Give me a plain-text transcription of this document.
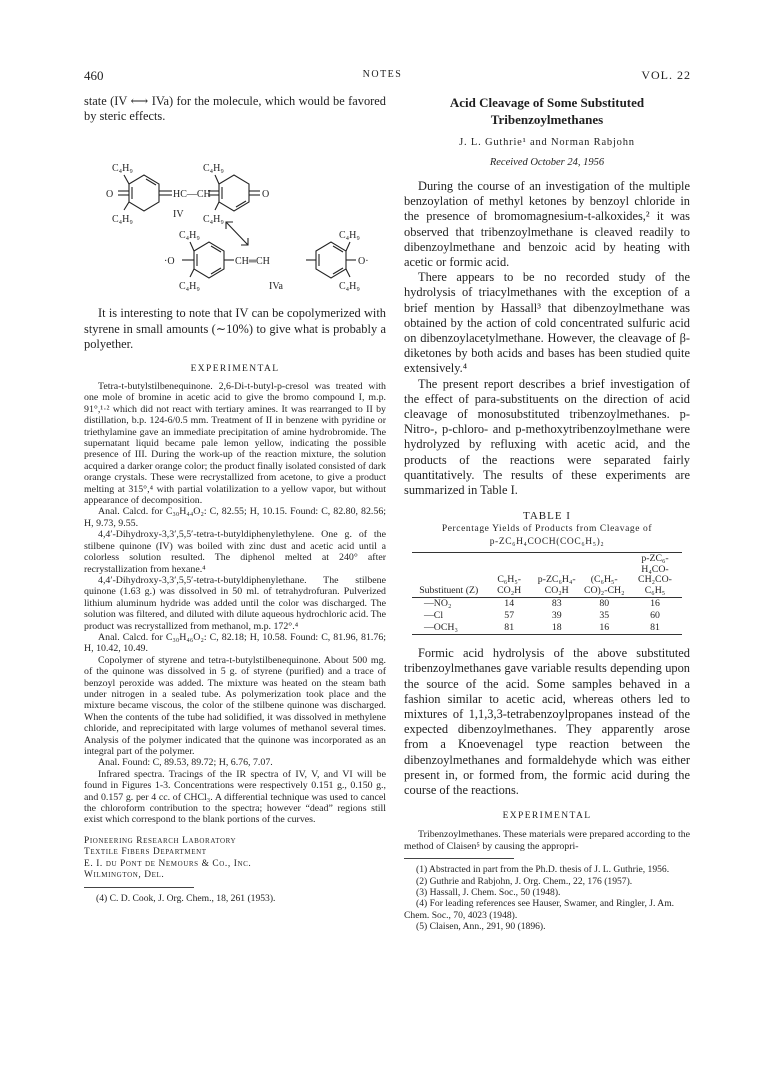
460	NOTES	VOL. 22

state (IV ⟷ IVa) for the molecule, which would be favored by steric effects.

C₄H₉
C₄H₉
O	HC—CH
IV
C₄H₉
C₄H₉
O
C₄H₉
C₄H₉
·O	CH═CH
IVa
C₄H₉
C₄H₉
O·

It is interesting to note that IV can be copolymerized with styrene in small amounts (∼10%) to give what is probably a polyether.

EXPERIMENTAL

Tetra-t-butylstilbenequinone. 2,6-Di-t-butyl-p-cresol was treated with one mole of bromine in acetic acid to give the bromo compound I, m.p. 91°,¹·² which did not react with tertiary amines. It was rearranged to II by distillation, b.p. 124-6/0.5 mm. Treatment of II in benzene with pyridine or triethylamine gave an immediate precipitation of amine hydrobromide. The supernatant liquid became pale lemon yellow, indicating the possible presence of III. During the work-up of the reaction mixture, the solution acquired a darker orange color; the product finally isolated consisted of dark orange crystals. These were recrystallized from acetone, to give a product melting at 315°,⁴ with partial volatilization to a yellow vapor, but without appearance of decomposition.

Anal. Calcd. for C₃₀H₄₄O₂: C, 82.55; H, 10.15. Found: C, 82.80, 82.56; H, 9.73, 9.55.

4,4′-Dihydroxy-3,3′,5,5′-tetra-t-butyldiphenylethylene. One g. of the stilbene quinone (IV) was boiled with zinc dust and acetic acid until a colorless solution resulted. The diphenol melted at 240° after recrystallization from hexane.⁴

4,4′-Dihydroxy-3,3′,5,5′-tetra-t-butyldiphenylethane. The stilbene quinone (1.63 g.) was dissolved in 50 ml. of tetrahydrofuran. Pulverized lithium aluminum hydride was added until the color was discharged. The solution was filtered, and diluted with dilute aqueous hydrochloric acid. The product was recrystallized from methanol, m.p. 172°.⁴

Anal. Calcd. for C₃₀H₄₆O₂: C, 82.18; H, 10.58. Found: C, 81.96, 81.76; H, 10.42, 10.49.

Copolymer of styrene and tetra-t-butylstilbenequinone. About 500 mg. of the quinone was dissolved in 5 g. of styrene (purified) and a trace of benzoyl peroxide was added. The mixture was heated on the steam bath under nitrogen in a sealed tube. As polymerization took place and the mixture became viscous, the color of the stilbene quinone was discharged. When the contents of the tube had solidified, it was dissolved in methylene chloride, and reprecipitated with large volumes of methanol several times. Analysis of the polymer indicated that the quinone was incorporated as an integral part of the polymer.

Anal. Found: C, 89.53, 89.72; H, 6.76, 7.07.

Infrared spectra. Tracings of the IR spectra of IV, V, and VI will be found in Figures 1-3. Concentrations were respectively 0.151 g., 0.150 g., and 0.157 g. per 4 cc. of CHCl₃. A differential technique was used to cancel the chloroform contribution to the spectra; however “dead” regions still exist which correspond to the blank portions of the curves.

Pioneering Research Laboratory
Textile Fibers Department
E. I. du Pont de Nemours & Co., Inc.
Wilmington, Del.

(4) C. D. Cook, J. Org. Chem., 18, 261 (1953).

Acid Cleavage of Some Substituted Tribenzoylmethanes

J. L. Guthrie¹ and Norman Rabjohn

Received October 24, 1956

During the course of an investigation of the multiple benzoylation of methyl ketones by benzoyl chloride in the presence of bromomagnesium-t-alkoxides,² it was observed that tribenzoylmethane is cleaved readily to dibenzoylmethane and benzoic acid by heating with acetic or formic acid.

There appears to be no recorded study of the hydrolysis of triacylmethanes with the exception of a brief mention by Hassall³ that dibenzoylmethane was obtained by the action of cold concentrated sulfuric acid on dibenzoylacetylmethane. However, the cleavage of β-diketones by both acids and bases has been studied quite extensively.⁴

The present report describes a brief investigation of the effect of para-substituents on the direction of acid cleavage of monosubstituted tribenzoylmethanes. p-Nitro-, p-chloro- and p-methoxytribenzoylmethane were hydrolyzed by refluxing with acetic acid, and the products of the reactions were separated fairly quantitatively. The results of these experiments are summarized in Table I.

TABLE I
Percentage Yields of Products from Cleavage of
p-ZC₆H₄COCH(COC₆H₅)₂
Substituent (Z)	C₆H₅-CO₂H	p-ZC₆H₄-CO₂H	(C₆H₅-CO)₂-CH₂	p-ZC₆-H₄CO-CH₂CO-C₆H₅
—NO₂	14	83	80	16
—Cl	57	39	35	60
—OCH₃	81	18	16	81

Formic acid hydrolysis of the above substituted tribenzoylmethanes gave variable results depending upon the source of the acid. Some samples behaved in a fashion similar to acetic acid, whereas others led to mixtures of 1,1,3,3-tetrabenzoylpropanes instead of the expected dibenzoylmethanes. They apparently arose from a Knoevenagel type reaction between the dibenzoylmethanes and formaldehyde which was either present in, or formed from, the formic acid during the course of the reactions.

EXPERIMENTAL

Tribenzoylmethanes. These materials were prepared according to the method of Claisen⁵ by causing the appropri-

(1) Abstracted in part from the Ph.D. thesis of J. L. Guthrie, 1956.

(2) Guthrie and Rabjohn, J. Org. Chem., 22, 176 (1957).

(3) Hassall, J. Chem. Soc., 50 (1948).

(4) For leading references see Hauser, Swamer, and Ringler, J. Am. Chem. Soc., 70, 4023 (1948).

(5) Claisen, Ann., 291, 90 (1896).
